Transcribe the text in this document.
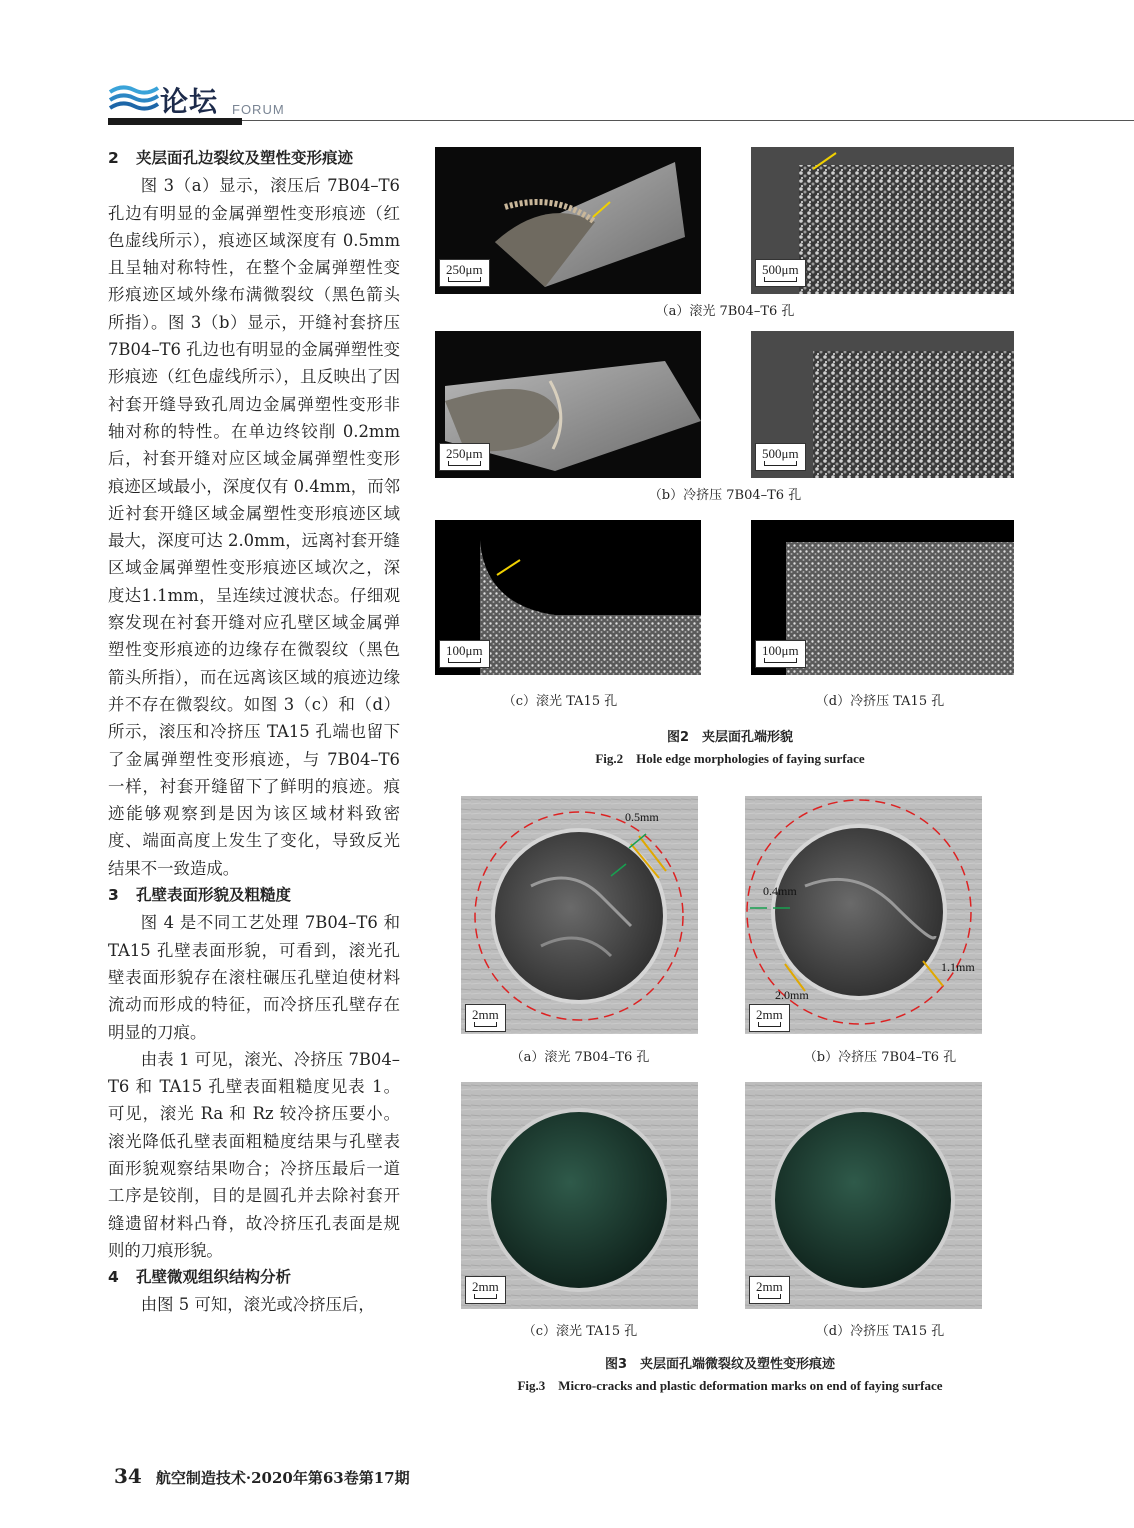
论坛 FORUM
2 夹层面孔边裂纹及塑性变形痕迹

图 3（a）显示，滚压后 7B04–T6 孔边有明显的金属弹塑性变形痕迹（红色虚线所示），痕迹区域深度有 0.5mm 且呈轴对称特性，在整个金属弹塑性变形痕迹区域外缘布满微裂纹（黑色箭头所指）。图 3（b）显示，开缝衬套挤压 7B04–T6 孔边也有明显的金属弹塑性变形痕迹（红色虚线所示），且反映出了因衬套开缝导致孔周边金属弹塑性变形非轴对称的特性。在单边终铰削 0.2mm 后，衬套开缝对应区域金属弹塑性变形痕迹区域最小，深度仅有 0.4mm，而邻近衬套开缝区域金属塑性变形痕迹区域最大，深度可达 2.0mm，远离衬套开缝区域金属弹塑性变形痕迹区域次之，深度达1.1mm，呈连续过渡状态。仔细观察发现在衬套开缝对应孔壁区域金属弹塑性变形痕迹的边缘存在微裂纹（黑色箭头所指），而在远离该区域的痕迹边缘并不存在微裂纹。如图 3（c）和（d）所示，滚压和冷挤压 TA15 孔端也留下了金属弹塑性变形痕迹，与 7B04–T6 一样，衬套开缝留下了鲜明的痕迹。痕迹能够观察到是因为该区域材料致密度、端面高度上发生了变化，导致反光结果不一致造成。

3 孔壁表面形貌及粗糙度

图 4 是不同工艺处理 7B04–T6 和 TA15 孔壁表面形貌，可看到，滚光孔壁表面形貌存在滚柱碾压孔壁迫使材料流动而形成的特征，而冷挤压孔壁存在明显的刀痕。

由表 1 可见，滚光、冷挤压 7B04–T6 和 TA15 孔壁表面粗糙度见表 1。可见，滚光 Ra 和 Rz 较冷挤压要小。滚光降低孔壁表面粗糙度结果与孔壁表面形貌观察结果吻合；冷挤压最后一道工序是铰削，目的是圆孔并去除衬套开缝遗留材料凸脊，故冷挤压孔表面是规则的刀痕形貌。

4 孔壁微观组织结构分析

由图 5 可知，滚光或冷挤压后，

34 航空制造技术·2020年第63卷第17期
250μm	500μm
（a）滚光 7B04–T6 孔
250μm	500μm
（b）冷挤压 7B04–T6 孔
100μm	100μm
（c）滚光 TA15 孔	（d）冷挤压 TA15 孔
图2　夹层面孔端形貌
Fig.2　Hole edge morphologies of faying surface
0.5mm
2mm
0.4mm
1.1mm
2.0mm
2mm
（a）滚光 7B04–T6 孔	（b）冷挤压 7B04–T6 孔
2mm	2mm
（c）滚光 TA15 孔	（d）冷挤压 TA15 孔
图3　夹层面孔端微裂纹及塑性变形痕迹
Fig.3　Micro-cracks and plastic deformation marks on end of faying surface
